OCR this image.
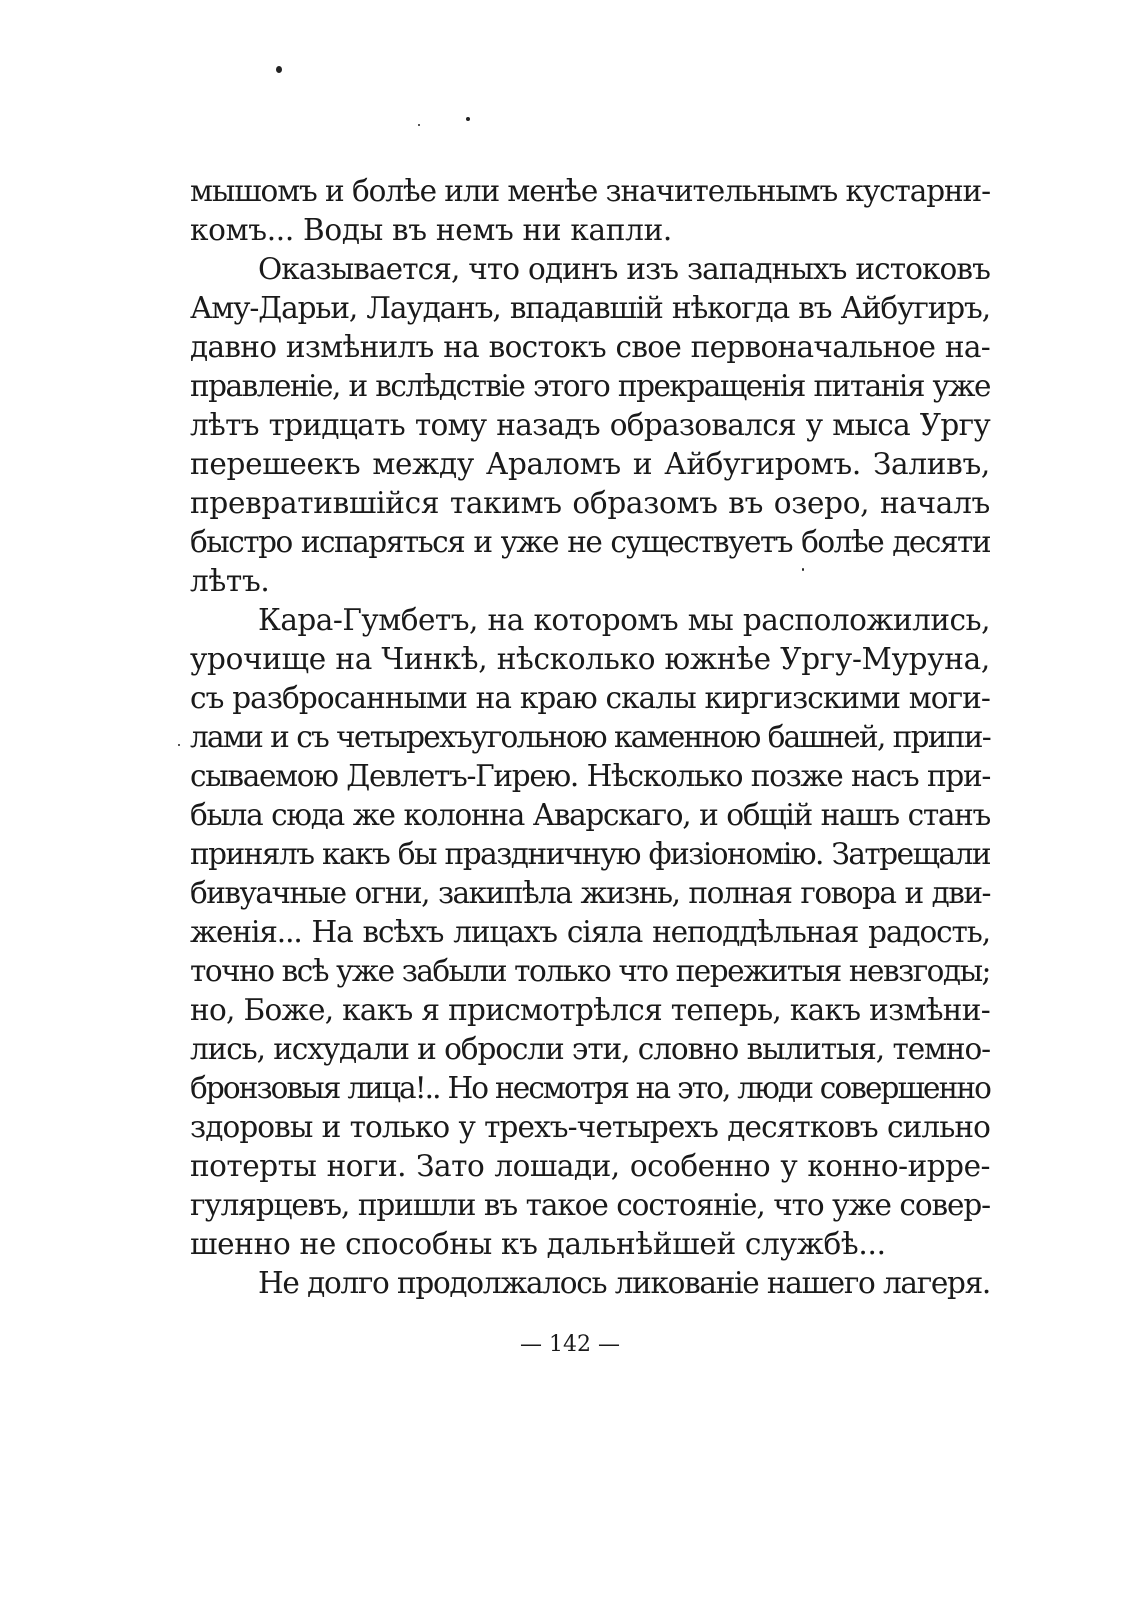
мышомъ и болѣе или менѣе значительнымъ кустарни-
комъ... Воды въ немъ ни капли.
Оказывается, что одинъ изъ западныхъ истоковъ
Аму-Дарьи, Лауданъ, впадавшій нѣкогда въ Айбугиръ,
давно измѣнилъ на востокъ свое первоначальное на-
правленіе, и вслѣдствіе этого прекращенія питанія уже
лѣтъ тридцать тому назадъ образовался у мыса Ургу
перешеекъ между Араломъ и Айбугиромъ. Заливъ,
превратившійся такимъ образомъ въ озеро, началъ
быстро испаряться и уже не существуетъ болѣе десяти
лѣтъ.
Кара-Гумбетъ, на которомъ мы расположились,
урочище на Чинкѣ, нѣсколько южнѣе Ургу-Муруна,
съ разбросанными на краю скалы киргизскими моги-
лами и съ четырехъугольною каменною башней, припи-
сываемою Девлетъ-Гирею. Нѣсколько позже насъ при-
была сюда же колонна Аварскаго, и общій нашъ станъ
принялъ какъ бы праздничную физіономію. Затрещали
бивуачные огни, закипѣла жизнь, полная говора и дви-
женія... На всѣхъ лицахъ сіяла неподдѣльная радость,
точно всѣ уже забыли только что пережитыя невзгоды;
но, Боже, какъ я присмотрѣлся теперь, какъ измѣни-
лись, исхудали и обросли эти, словно вылитыя, темно-
бронзовыя лица!.. Но несмотря на это, люди совершенно
здоровы и только у трехъ-четырехъ десятковъ сильно
потерты ноги. Зато лошади, особенно у конно-ирре-
гулярцевъ, пришли въ такое состояніе, что уже совер-
шенно не способны къ дальнѣйшей службѣ...
Не долго продолжалось ликованіе нашего лагеря.
— 142 —
